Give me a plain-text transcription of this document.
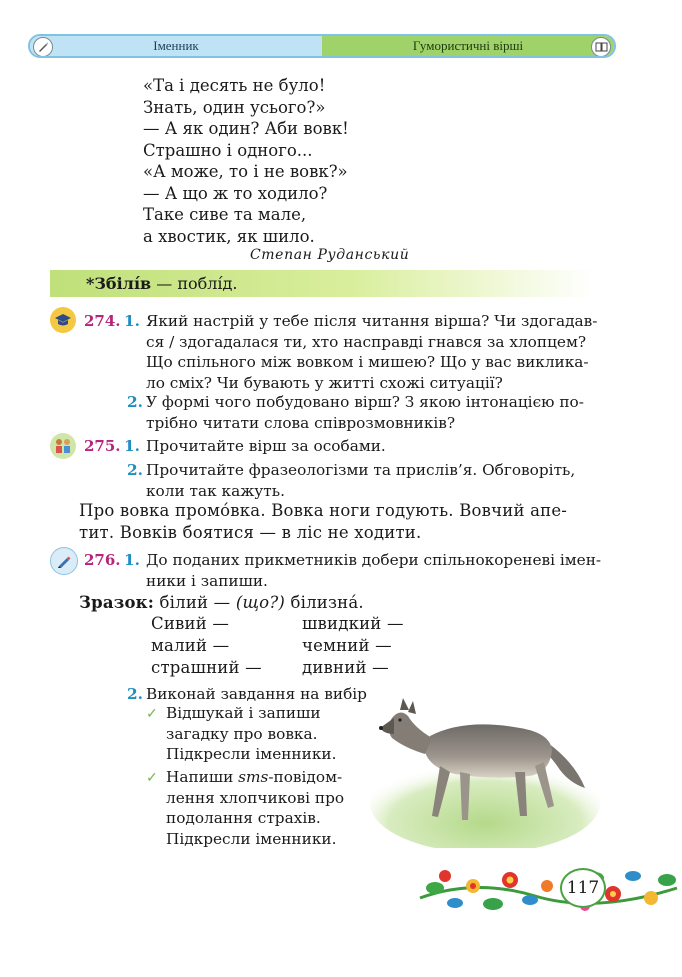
Іменник	Гумористичні вірші
«Та і десять не було!
Знать, один усього?»
— А як один? Аби вовк!
Страшно і одного...
«А може, то і не вовк?»
— А що ж то ходило?
Таке сиве та мале,
а хвостик, як шило.
Степан Руданський
*Збілі́в — поблі́д.
274. 1. Який настрій у тебе після читання вірша? Чи здогадав-
ся / здогадалася ти, хто насправді гнався за хлопцем?
Що спільного між вовком і мишею? Що у вас виклика-
ло сміх? Чи бувають у житті схожі ситуації?
2. У формі чого побудовано вірш? З якою інтонацією по-
трібно читати слова співрозмовників?
275. 1. Прочитайте вірш за особами.
2. Прочитайте фразеологізми та прислів’я. Обговоріть,
коли так кажуть.
Про вовка промо́вка. Вовка ноги годують. Вовчий апе-
тит. Вовків боятися — в ліс не ходити.
276. 1. До поданих прикметників добери спільнокореневі імен-
ники і запиши.
Зразок: білий — (що?) білизна́.
Сивий —
малий —
страшний —
швидкий —
чемний —
дивний —
2. Виконай завдання на вибір
✓ Відшукай і запиши
загадку про вовка.
Підкресли іменники.
✓ Напиши sms-повідом-
лення хлопчикові про
подолання страхів.
Підкресли іменники.
117
